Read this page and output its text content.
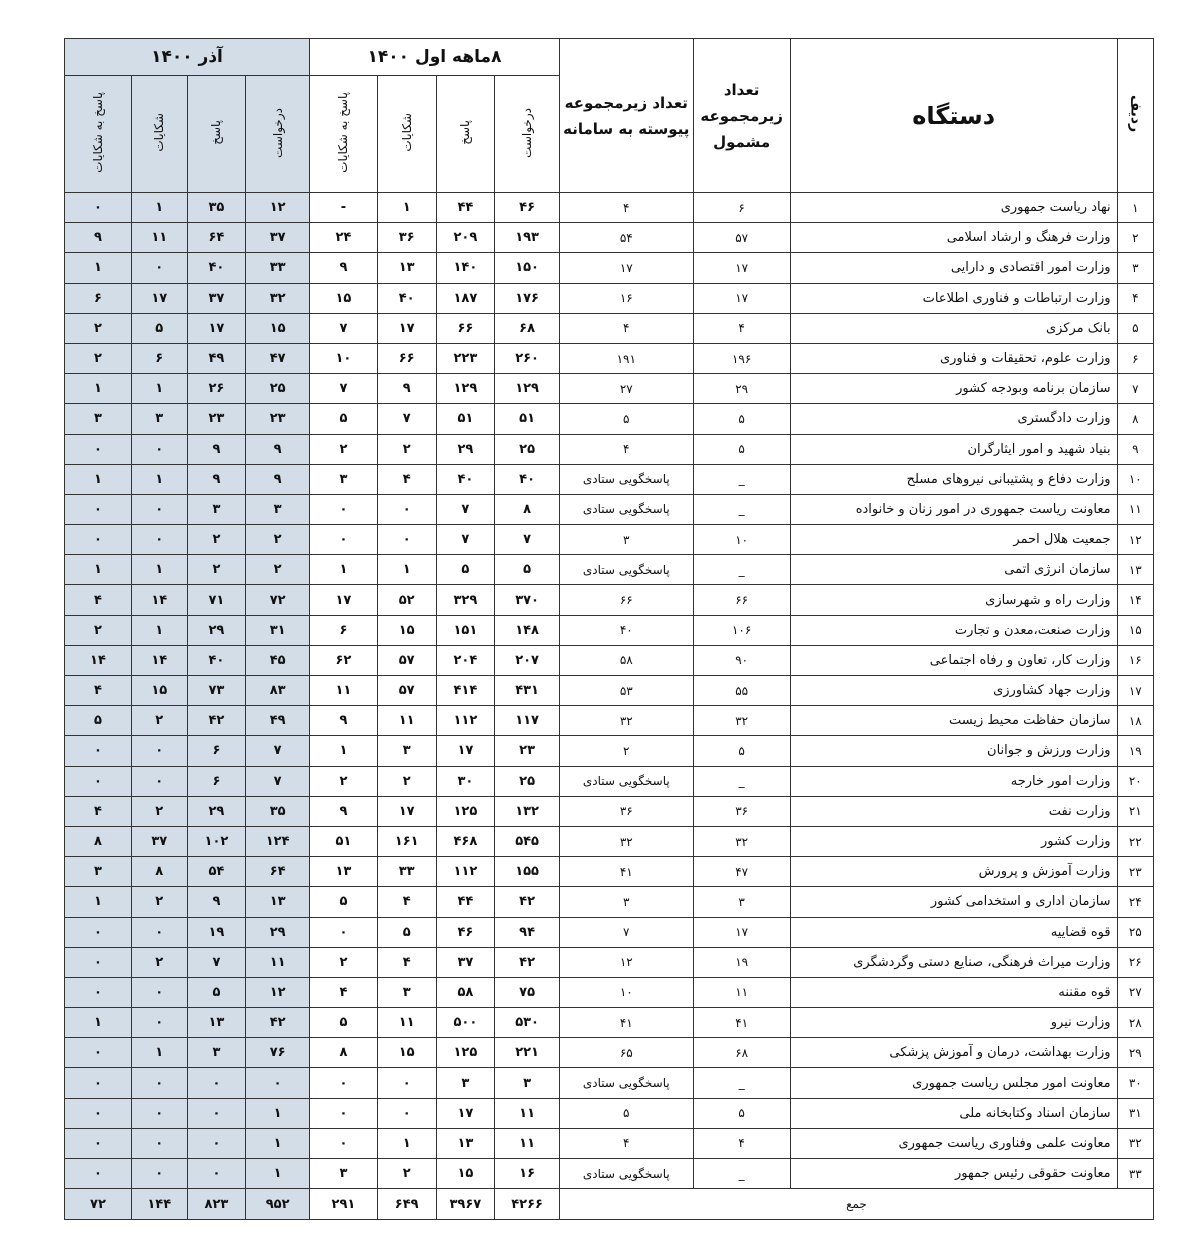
ردیف	دستگاه	تعداد زیرمجموعه مشمول	تعداد زیرمجموعه پیوسته به سامانه	۸ماهه اول ۱۴۰۰				آذر ۱۴۰۰			
				درخواست	پاسخ	شکایات	پاسخ به شکایات	درخواست	پاسخ	شکایات	پاسخ به شکایات
۱	نهاد ریاست جمهوری	۶	۴	۴۶	۴۴	۱	-	۱۲	۳۵	۱	۰
۲	وزارت فرهنگ و ارشاد اسلامی	۵۷	۵۴	۱۹۳	۲۰۹	۳۶	۲۴	۳۷	۶۴	۱۱	۹
۳	وزارت امور اقتصادی و دارایی	۱۷	۱۷	۱۵۰	۱۴۰	۱۳	۹	۳۳	۴۰	۰	۱
۴	وزارت ارتباطات و فناوری اطلاعات	۱۷	۱۶	۱۷۶	۱۸۷	۴۰	۱۵	۳۲	۳۷	۱۷	۶
۵	بانک مرکزی	۴	۴	۶۸	۶۶	۱۷	۷	۱۵	۱۷	۵	۲
۶	وزارت علوم، تحقیقات و فناوری	۱۹۶	۱۹۱	۲۶۰	۲۲۳	۶۶	۱۰	۴۷	۴۹	۶	۲
۷	سازمان برنامه وبودجه کشور	۲۹	۲۷	۱۲۹	۱۲۹	۹	۷	۲۵	۲۶	۱	۱
۸	وزارت دادگستری	۵	۵	۵۱	۵۱	۷	۵	۲۳	۲۳	۳	۳
۹	بنیاد شهید و امور ایثارگران	۵	۴	۲۵	۲۹	۲	۲	۹	۹	۰	۰
۱۰	وزارت دفاع و پشتیبانی نیروهای مسلح	_	پاسخگویی ستادی	۴۰	۴۰	۴	۳	۹	۹	۱	۱
۱۱	معاونت ریاست جمهوری در امور زنان و خانواده	_	پاسخگویی ستادی	۸	۷	۰	۰	۳	۳	۰	۰
۱۲	جمعیت هلال احمر	۱۰	۳	۷	۷	۰	۰	۲	۲	۰	۰
۱۳	سازمان انرژی اتمی	_	پاسخگویی ستادی	۵	۵	۱	۱	۲	۲	۱	۱
۱۴	وزارت راه و شهرسازی	۶۶	۶۶	۳۷۰	۳۲۹	۵۲	۱۷	۷۲	۷۱	۱۴	۴
۱۵	وزارت صنعت،معدن و تجارت	۱۰۶	۴۰	۱۴۸	۱۵۱	۱۵	۶	۳۱	۲۹	۱	۲
۱۶	وزارت کار، تعاون و رفاه اجتماعی	۹۰	۵۸	۲۰۷	۲۰۴	۵۷	۶۲	۴۵	۴۰	۱۴	۱۴
۱۷	وزارت جهاد کشاورزی	۵۵	۵۳	۴۳۱	۴۱۴	۵۷	۱۱	۸۳	۷۳	۱۵	۴
۱۸	سازمان حفاظت محیط زیست	۳۲	۳۲	۱۱۷	۱۱۲	۱۱	۹	۴۹	۴۲	۲	۵
۱۹	وزارت ورزش و جوانان	۵	۲	۲۳	۱۷	۳	۱	۷	۶	۰	۰
۲۰	وزارت امور خارجه	_	پاسخگویی ستادی	۲۵	۳۰	۲	۲	۷	۶	۰	۰
۲۱	وزارت نفت	۳۶	۳۶	۱۳۲	۱۲۵	۱۷	۹	۳۵	۲۹	۲	۴
۲۲	وزارت کشور	۳۲	۳۲	۵۴۵	۴۶۸	۱۶۱	۵۱	۱۲۴	۱۰۲	۳۷	۸
۲۳	وزارت آموزش و پرورش	۴۷	۴۱	۱۵۵	۱۱۲	۳۳	۱۳	۶۴	۵۴	۸	۳
۲۴	سازمان اداری و استخدامی کشور	۳	۳	۴۲	۴۴	۴	۵	۱۳	۹	۲	۱
۲۵	قوه قضاییه	۱۷	۷	۹۴	۴۶	۵	۰	۲۹	۱۹	۰	۰
۲۶	وزارت میراث فرهنگی، صنایع دستی وگردشگری	۱۹	۱۲	۴۲	۳۷	۴	۲	۱۱	۷	۲	۰
۲۷	قوه مقننه	۱۱	۱۰	۷۵	۵۸	۳	۴	۱۲	۵	۰	۰
۲۸	وزارت نیرو	۴۱	۴۱	۵۳۰	۵۰۰	۱۱	۵	۴۲	۱۳	۰	۱
۲۹	وزارت بهداشت، درمان و آموزش پزشکی	۶۸	۶۵	۲۲۱	۱۲۵	۱۵	۸	۷۶	۳	۱	۰
۳۰	معاونت امور مجلس ریاست جمهوری	_	پاسخگویی ستادی	۳	۳	۰	۰	۰	۰	۰	۰
۳۱	سازمان اسناد وکتابخانه ملی	۵	۵	۱۱	۱۷	۰	۰	۱	۰	۰	۰
۳۲	معاونت علمی وفناوری ریاست جمهوری	۴	۴	۱۱	۱۳	۱	۰	۱	۰	۰	۰
۳۳	معاونت حقوقی رئیس جمهور	_	پاسخگویی ستادی	۱۶	۱۵	۲	۳	۱	۰	۰	۰
جمع				۴۲۶۶	۳۹۶۷	۶۴۹	۲۹۱	۹۵۲	۸۲۳	۱۴۴	۷۲
